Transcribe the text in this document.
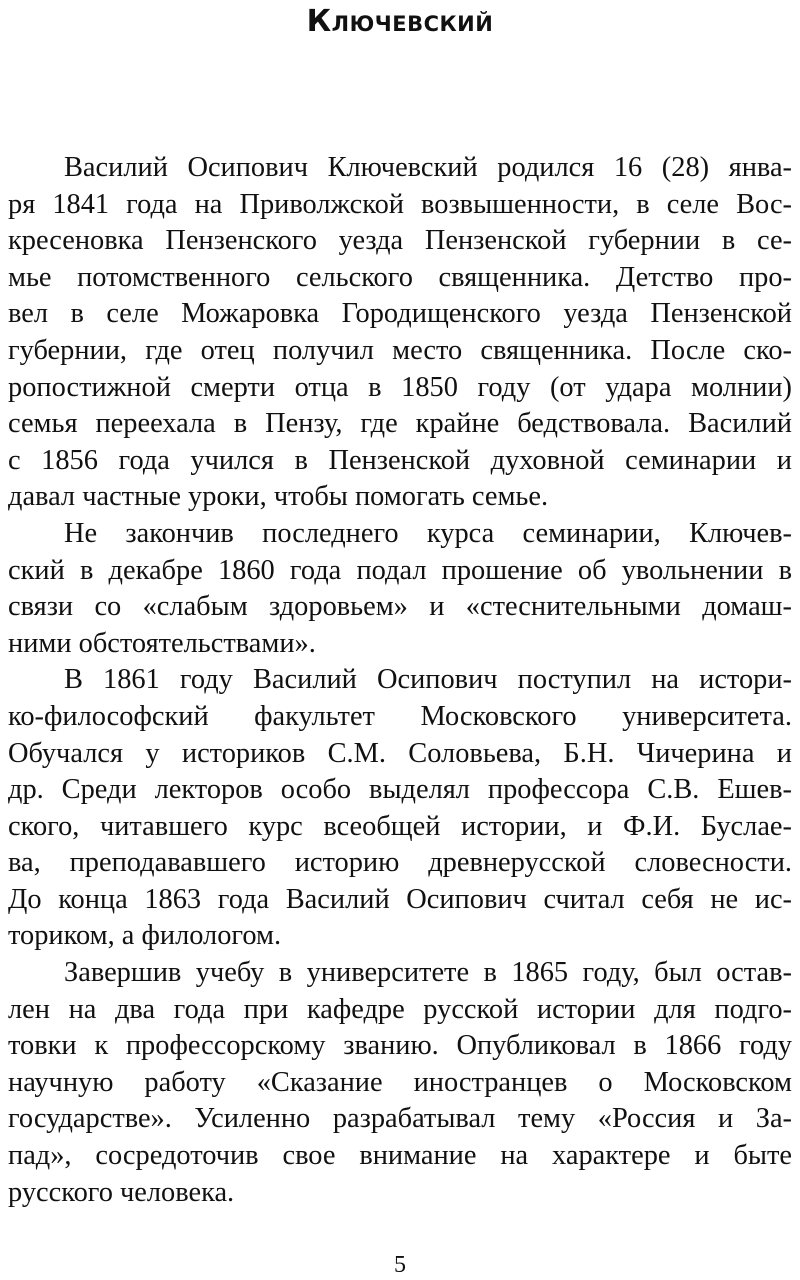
Ключевский
Василий Осипович Ключевский родился 16 (28) янва-
ря 1841 года на Приволжской возвышенности, в селе Вос-
кресеновка Пензенского уезда Пензенской губернии в се-
мье потомственного сельского священника. Детство про-
вел в селе Можаровка Городищенского уезда Пензенской
губернии, где отец получил место священника. После ско-
ропостижной смерти отца в 1850 году (от удара молнии)
семья переехала в Пензу, где крайне бедствовала. Василий
с 1856 года учился в Пензенской духовной семинарии и
давал частные уроки, чтобы помогать семье.
Не закончив последнего курса семинарии, Ключев-
ский в декабре 1860 года подал прошение об увольнении в
связи со «слабым здоровьем» и «стеснительными домаш-
ними обстоятельствами».
В 1861 году Василий Осипович поступил на истори-
ко-философский факультет Московского университета.
Обучался у историков С.М. Соловьева, Б.Н. Чичерина и
др. Среди лекторов особо выделял профессора С.В. Ешев-
ского, читавшего курс всеобщей истории, и Ф.И. Буслае-
ва, преподававшего историю древнерусской словесности.
До конца 1863 года Василий Осипович считал себя не ис-
ториком, а филологом.
Завершив учебу в университете в 1865 году, был остав-
лен на два года при кафедре русской истории для подго-
товки к профессорскому званию. Опубликовал в 1866 году
научную работу «Сказание иностранцев о Московском
государстве». Усиленно разрабатывал тему «Россия и За-
пад», сосредоточив свое внимание на характере и быте
русского человека.
5
